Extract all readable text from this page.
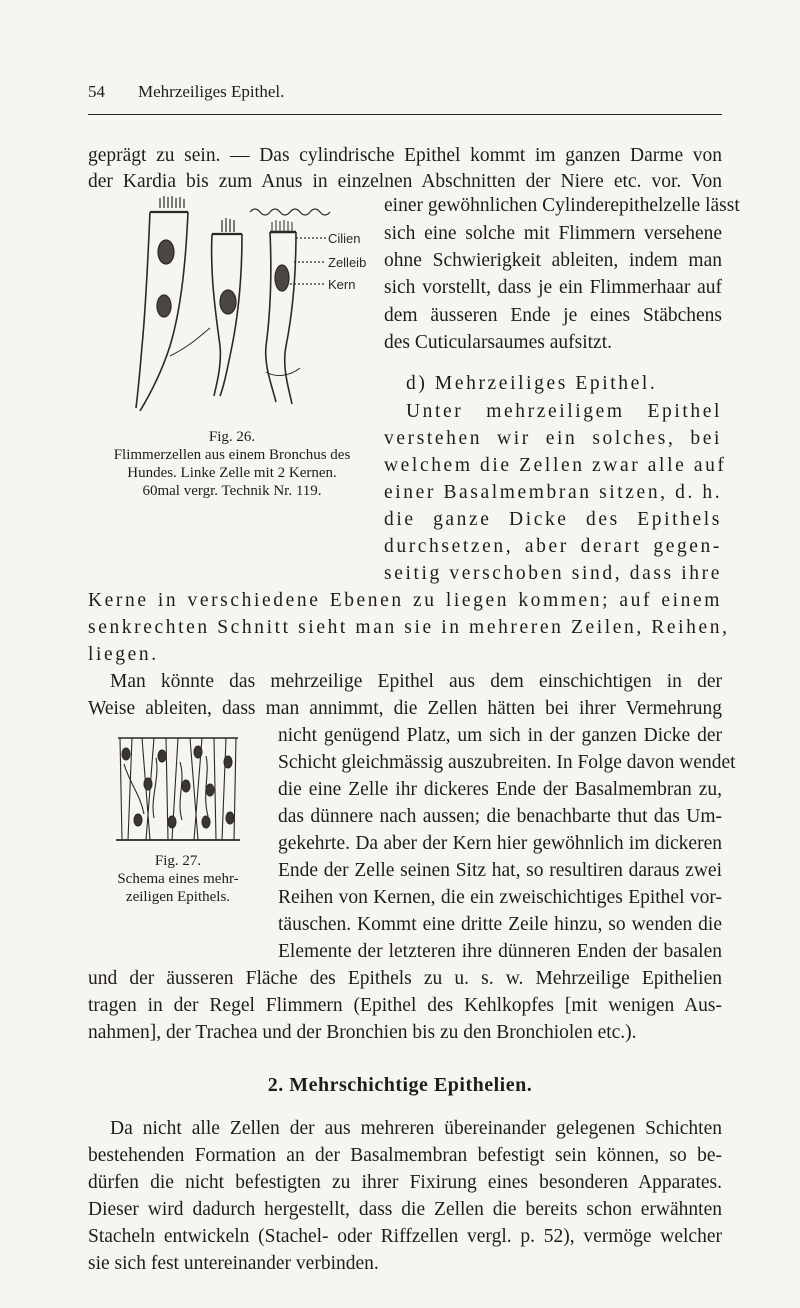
54 Mehrzeiliges Epithel.
geprägt zu sein. — Das cylindrische Epithel kommt im ganzen Darme von
der Kardia bis zum Anus in einzelnen Abschnitten der Niere etc. vor. Von
Cilien
Zelleib
Kern
Fig. 26.
Flimmerzellen aus einem Bronchus des
Hundes. Linke Zelle mit 2 Kernen.
60mal vergr. Technik Nr. 119.
einer gewöhnlichen Cylinderepithelzelle lässt
sich eine solche mit Flimmern versehene
ohne Schwierigkeit ableiten, indem man
sich vorstellt, dass je ein Flimmerhaar auf
dem äusseren Ende je eines Stäbchens
des Cuticularsaumes aufsitzt.
d) Mehrzeiliges Epithel.
Unter mehrzeiligem Epithel
verstehen wir ein solches, bei
welchem die Zellen zwar alle auf
einer Basalmembran sitzen, d. h.
die ganze Dicke des Epithels
durchsetzen, aber derart gegen-
seitig verschoben sind, dass ihre
Kerne in verschiedene Ebenen zu liegen kommen; auf einem
senkrechten Schnitt sieht man sie in mehreren Zeilen, Reihen,
liegen.
Man könnte das mehrzeilige Epithel aus dem einschichtigen in der
Weise ableiten, dass man annimmt, die Zellen hätten bei ihrer Vermehrung
Fig. 27.
Schema eines mehr-
zeiligen Epithels.
nicht genügend Platz, um sich in der ganzen Dicke der
Schicht gleichmässig auszubreiten. In Folge davon wendet
die eine Zelle ihr dickeres Ende der Basalmembran zu,
das dünnere nach aussen; die benachbarte thut das Um-
gekehrte. Da aber der Kern hier gewöhnlich im dickeren
Ende der Zelle seinen Sitz hat, so resultiren daraus zwei
Reihen von Kernen, die ein zweischichtiges Epithel vor-
täuschen. Kommt eine dritte Zeile hinzu, so wenden die
Elemente der letzteren ihre dünneren Enden der basalen
und der äusseren Fläche des Epithels zu u. s. w. Mehrzeilige Epithelien
tragen in der Regel Flimmern (Epithel des Kehlkopfes [mit wenigen Aus-
nahmen], der Trachea und der Bronchien bis zu den Bronchiolen etc.).
2. Mehrschichtige Epithelien.
Da nicht alle Zellen der aus mehreren übereinander gelegenen Schichten
bestehenden Formation an der Basalmembran befestigt sein können, so be-
dürfen die nicht befestigten zu ihrer Fixirung eines besonderen Apparates.
Dieser wird dadurch hergestellt, dass die Zellen die bereits schon erwähnten
Stacheln entwickeln (Stachel- oder Riffzellen vergl. p. 52), vermöge welcher
sie sich fest untereinander verbinden.
